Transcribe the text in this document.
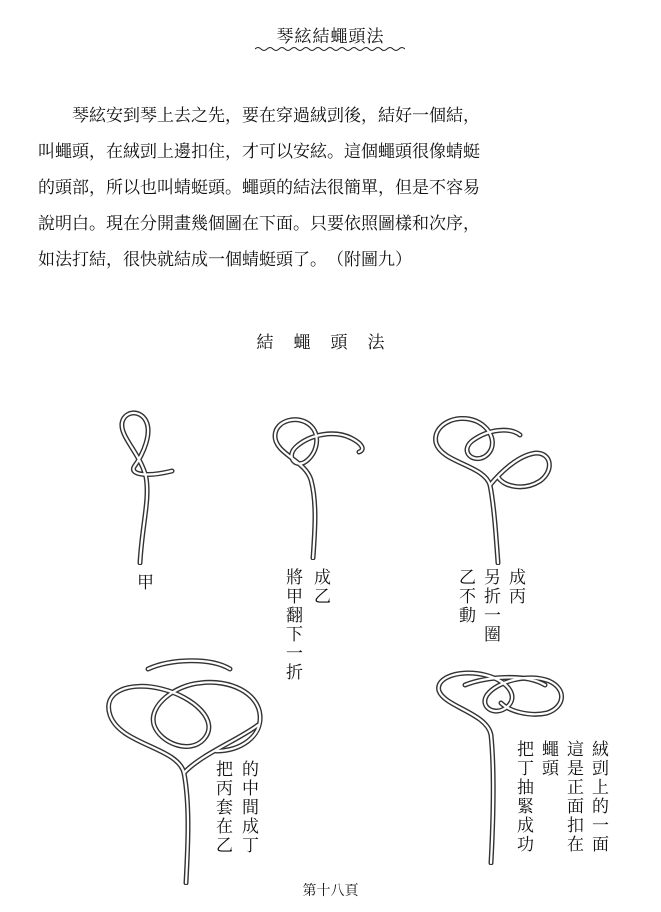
琴絃結蠅頭法

琴絃安到琴上去之先，要在穿過絨剅後，結好一個結，
叫蠅頭，在絨剅上邊扣住，才可以安絃。這個蠅頭很像蜻蜓
的頭部，所以也叫蜻蜓頭。蠅頭的結法很簡單，但是不容易
說明白。現在分開畫幾個圖在下面。只要依照圖樣和次序，
如法打結，很快就結成一個蜻蜓頭了。　（附圖九）

結蠅頭法
甲	成乙
將甲翻下一折	成丙
另折一圈
乙不動
的中間成丁
把丙套在乙	絨剅上的一面
這是正面扣在
蠅頭
把丁抽緊成功
第十八頁
